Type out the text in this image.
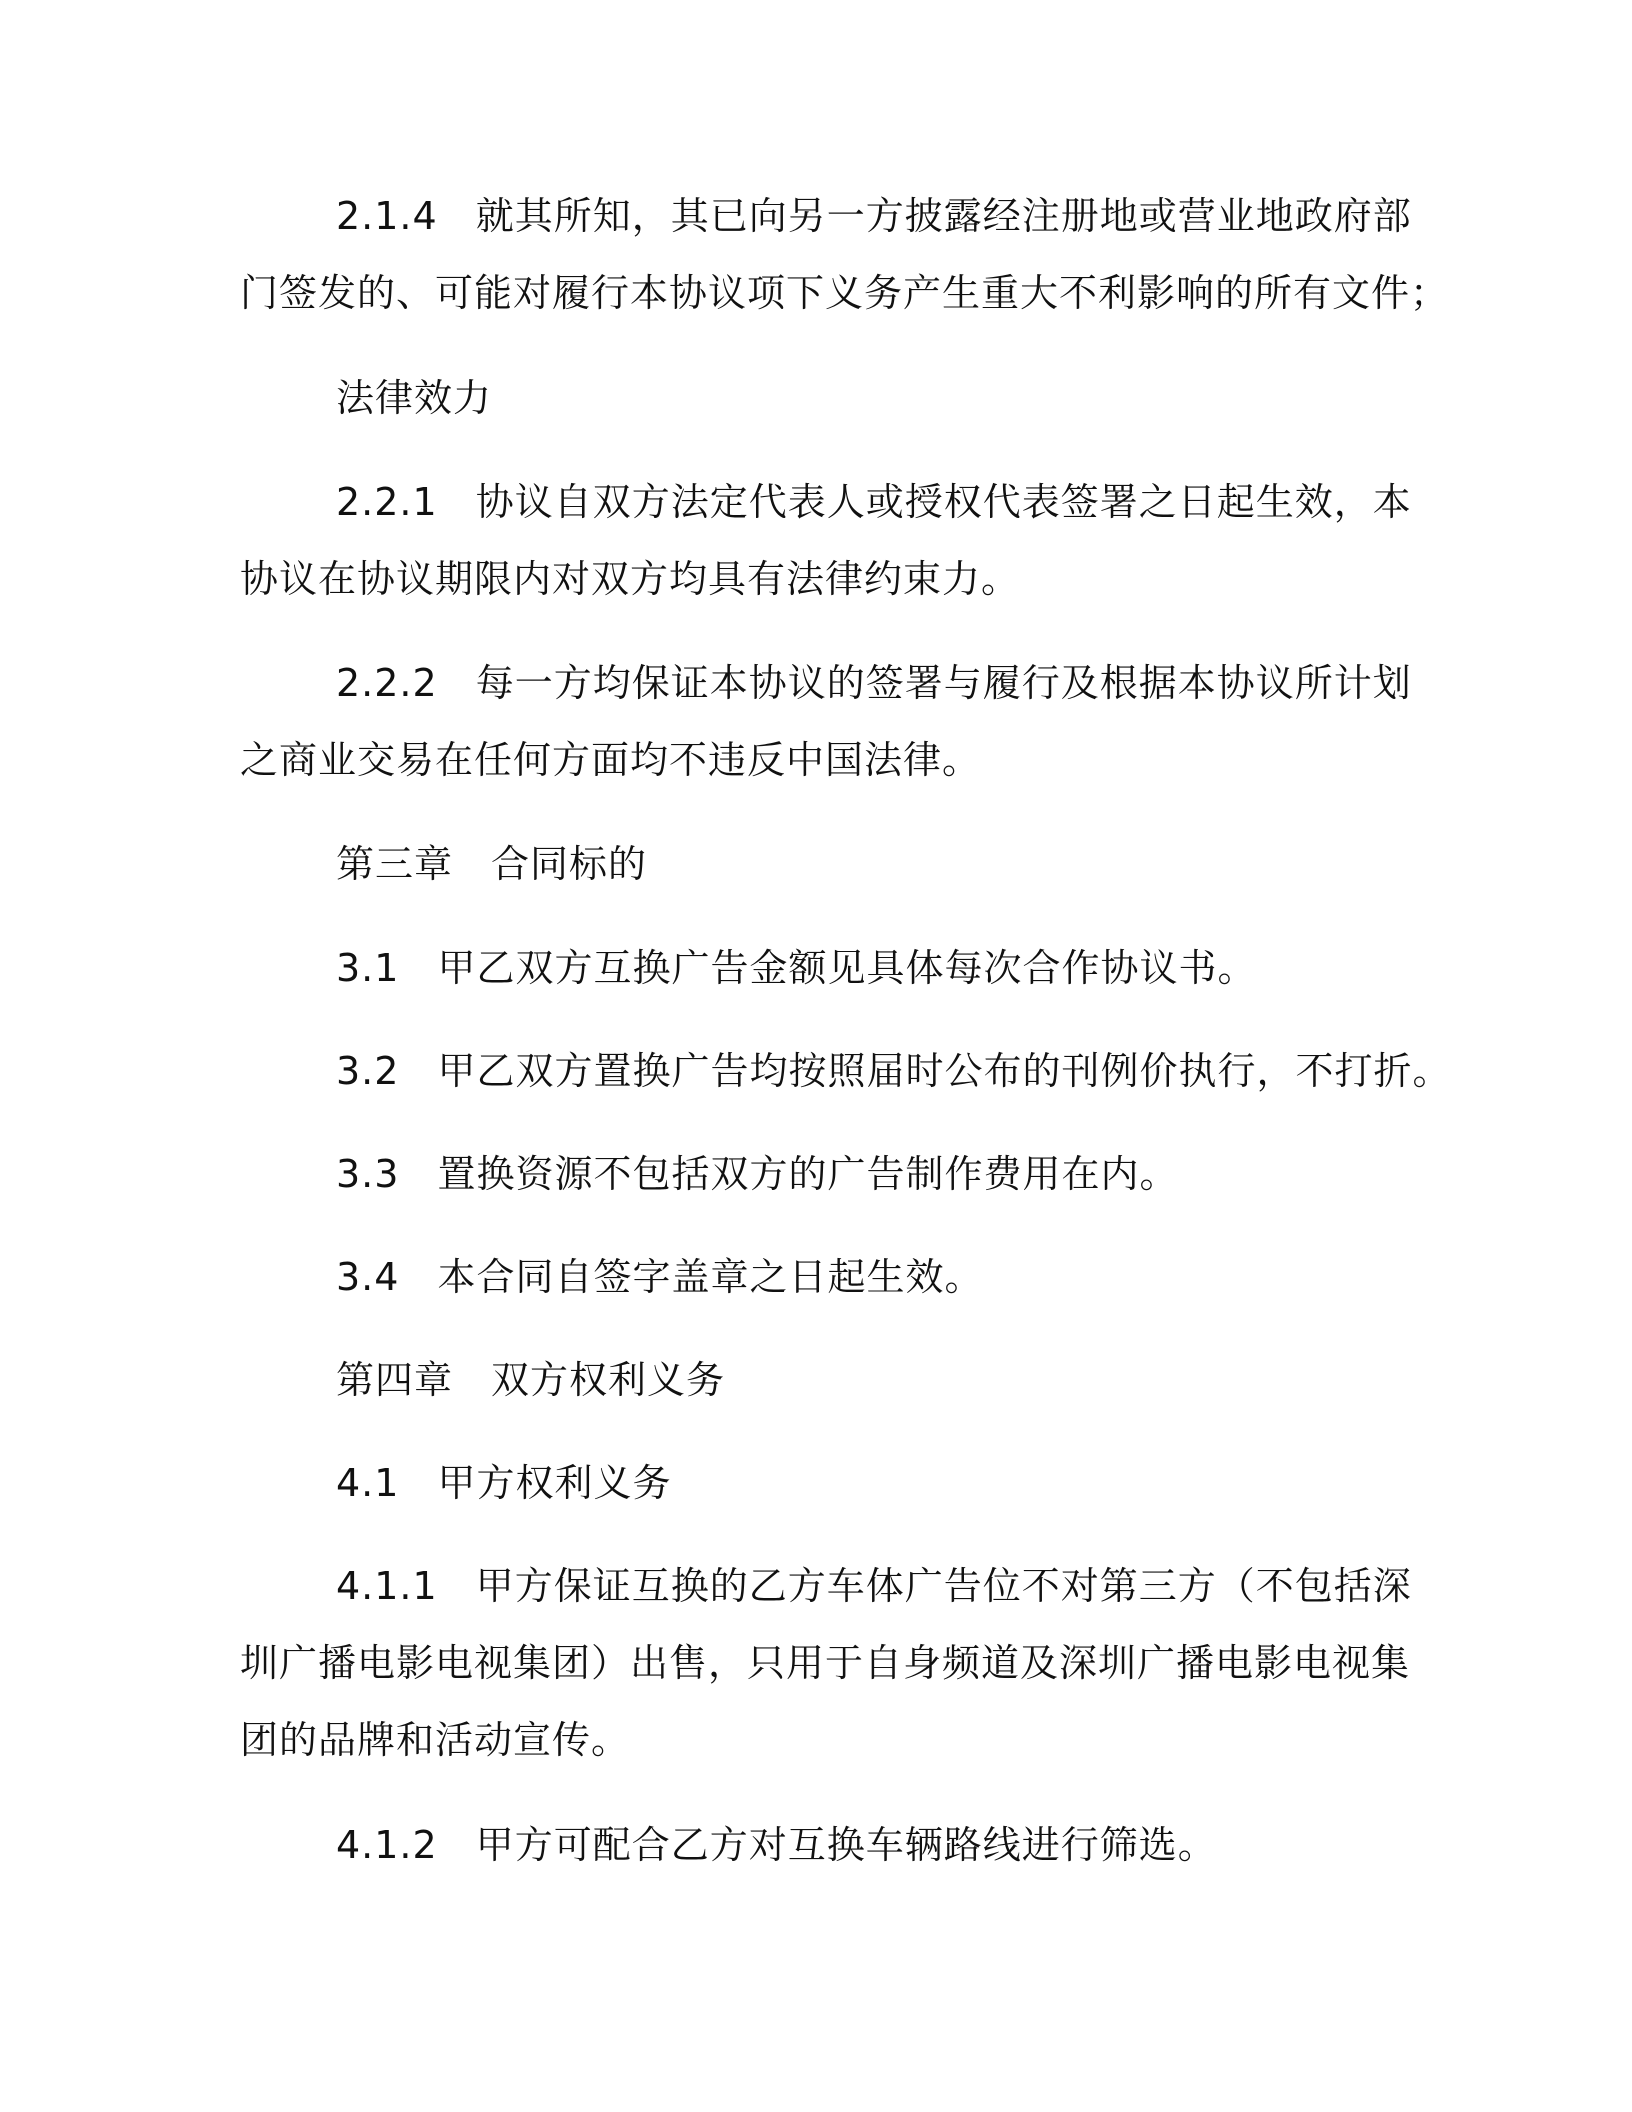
2.1.4 就其所知，其已向另一方披露经注册地或营业地政府部
门签发的、可能对履行本协议项下义务产生重大不利影响的所有文件；
法律效力
2.2.1 协议自双方法定代表人或授权代表签署之日起生效，本
协议在协议期限内对双方均具有法律约束力。
2.2.2 每一方均保证本协议的签署与履行及根据本协议所计划
之商业交易在任何方面均不违反中国法律。
第三章 合同标的
3.1 甲乙双方互换广告金额见具体每次合作协议书。
3.2 甲乙双方置换广告均按照届时公布的刊例价执行，不打折。
3.3 置换资源不包括双方的广告制作费用在内。
3.4 本合同自签字盖章之日起生效。
第四章 双方权利义务
4.1 甲方权利义务
4.1.1 甲方保证互换的乙方车体广告位不对第三方（不包括深
圳广播电影电视集团）出售，只用于自身频道及深圳广播电影电视集
团的品牌和活动宣传。
4.1.2 甲方可配合乙方对互换车辆路线进行筛选。
